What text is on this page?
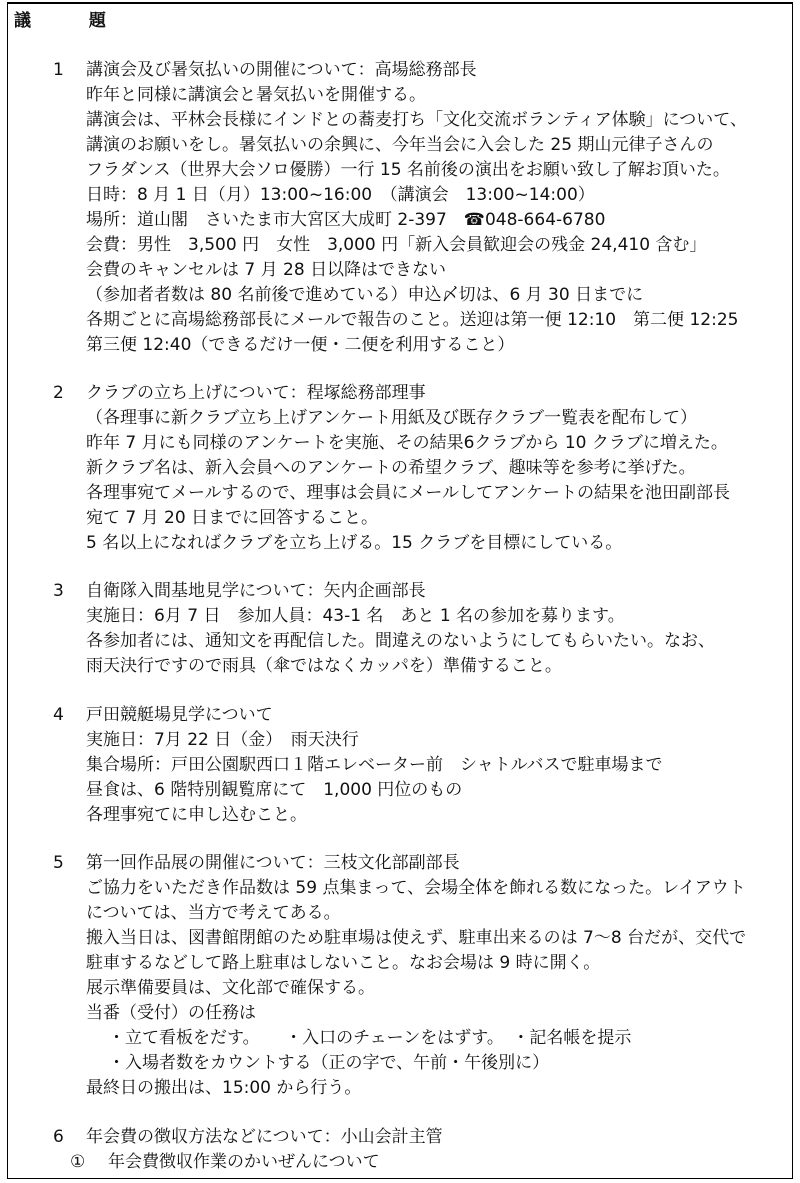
議 題
1 講演会及び暑気払いの開催について：高場総務部長
昨年と同様に講演会と暑気払いを開催する。
講演会は、平林会長様にインドとの蕎麦打ち「文化交流ボランティア体験」について、
講演のお願いをし。暑気払いの余興に、今年当会に入会した 25 期山元律子さんの
フラダンス（世界大会ソロ優勝）一行 15 名前後の演出をお願い致し了解お頂いた。
日時：8 月 1 日（月）13:00~16:00　（講演会　13:00~14:00）
場所：道山閣　さいたま市大宮区大成町 2-397　☎048-664-6780
会費：男性　3,500 円　女性　3,000 円「新入会員歓迎会の残金 24,410 含む」
会費のキャンセルは 7 月 28 日以降はできない
（参加者者数は 80 名前後で進めている）申込〆切は、6 月 30 日までに
各期ごとに高場総務部長にメールで報告のこと。送迎は第一便 12:10　第二便 12:25
第三便 12:40（できるだけ一便・二便を利用すること）
2 クラブの立ち上げについて：程塚総務部理事
（各理事に新クラブ立ち上げアンケート用紙及び既存クラブ一覧表を配布して）
昨年 7 月にも同様のアンケートを実施、その結果6クラブから 10 クラブに増えた。
新クラブ名は、新入会員へのアンケートの希望クラブ、趣味等を参考に挙げた。
各理事宛てメールするので、理事は会員にメールしてアンケートの結果を池田副部長
宛て 7 月 20 日までに回答すること。
5 名以上になればクラブを立ち上げる。15 クラブを目標にしている。
3 自衛隊入間基地見学について：矢内企画部長
実施日：6月 7 日　参加人員：43-1 名　あと 1 名の参加を募ります。
各参加者には、通知文を再配信した。間違えのないようにしてもらいたい。なお、
雨天決行ですので雨具（傘ではなくカッパを）準備すること。
4 戸田競艇場見学について
実施日：7月 22 日（金）　雨天決行
集合場所：戸田公園駅西口１階エレベーター前　シャトルバスで駐車場まで
昼食は、6 階特別観覧席にて　1,000 円位のもの
各理事宛てに申し込むこと。
5 第一回作品展の開催について：三枝文化部副部長
ご協力をいただき作品数は 59 点集まって、会場全体を飾れる数になった。レイアウト
については、当方で考えてある。
搬入当日は、図書館閉館のため駐車場は使えず、駐車出来るのは 7～8 台だが、交代で
駐車するなどして路上駐車はしないこと。なお会場は 9 時に開く。
展示準備要員は、文化部で確保する。
当番（受付）の任務は
・立て看板をだす。　　・入口のチェーンをはずす。　・記名帳を提示
・入場者数をカウントする（正の字で、午前・午後別に）
最終日の搬出は、15:00 から行う。
6 年会費の徴収方法などについて：小山会計主管
① 年会費徴収作業のかいぜんについて
